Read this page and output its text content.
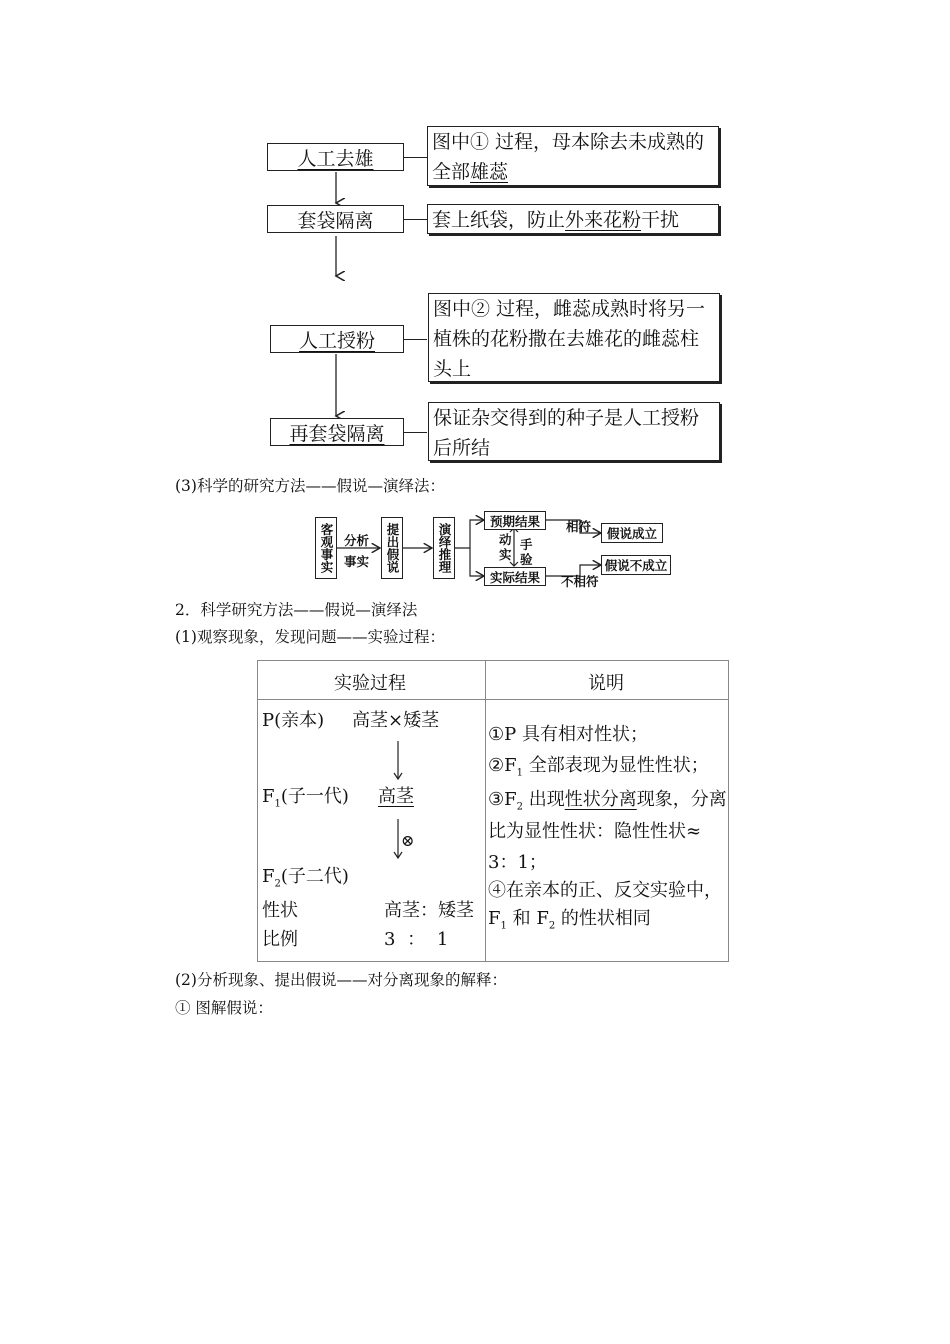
人工去雄
图中① 过程，母本除去未成熟的全部雄蕊
套袋隔离	套上纸袋，防止外来花粉干扰
人工授粉
图中② 过程，雌蕊成熟时将另一植株的花粉撒在去雄花的雌蕊柱头上
再套袋隔离
保证杂交得到的种子是人工授粉后所结
(3)科学的研究方法——假说—演绎法：
客观事实 分析
事实	提出假说	演绎推理
预期结果
实际结果
动实
手验
相符
不相符
假说成立
假说不成立
2．科学研究方法——假说—演绎法
(1)观察现象，发现问题——实验过程：
实验过程	说明
P(亲本) 高茎×矮茎
$F_1$(子一代) 高茎
⊗
$F_2$(子二代)
性状	高茎：矮茎
比例	3 ： 1
①P 具有相对性状；
$②F_1$ 全部表现为显性性状；
$③F_2$ 出现性状分离现象，分离
比为显性性状：隐性性状≈
3：1；
④在亲本的正、反交实验中，
$F_1$ 和 $F_2$ 的性状相同
(2)分析现象、提出假说——对分离现象的解释：
① 图解假说：
